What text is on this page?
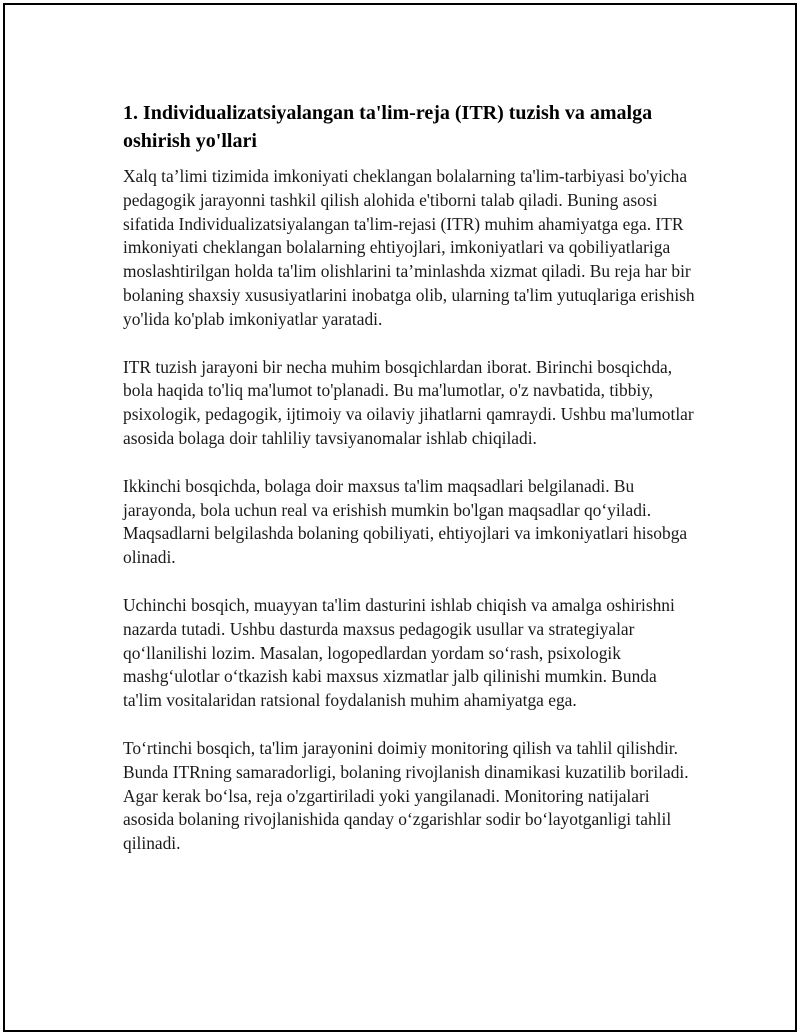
1. Individualizatsiyalangan ta'lim-reja (ITR) tuzish va amalga oshirish yo'llari

Xalq ta’limi tizimida imkoniyati cheklangan bolalarning ta'lim-tarbiyasi bo'yicha pedagogik jarayonni tashkil qilish alohida e'tiborni talab qiladi. Buning asosi sifatida Individualizatsiyalangan ta'lim-rejasi (ITR) muhim ahamiyatga ega. ITR imkoniyati cheklangan bolalarning ehtiyojlari, imkoniyatlari va qobiliyatlariga moslashtirilgan holda ta'lim olishlarini ta’minlashda xizmat qiladi. Bu reja har bir bolaning shaxsiy xususiyatlarini inobatga olib, ularning ta'lim yutuqlariga erishish yo'lida ko'plab imkoniyatlar yaratadi.

ITR tuzish jarayoni bir necha muhim bosqichlardan iborat. Birinchi bosqichda, bola haqida to'liq ma'lumot to'planadi. Bu ma'lumotlar, o'z navbatida, tibbiy, psixologik, pedagogik, ijtimoiy va oilaviy jihatlarni qamraydi. Ushbu ma'lumotlar asosida bolaga doir tahliliy tavsiyanomalar ishlab chiqiladi.

Ikkinchi bosqichda, bolaga doir maxsus ta'lim maqsadlari belgilanadi. Bu jarayonda, bola uchun real va erishish mumkin bo'lgan maqsadlar qo‘yiladi. Maqsadlarni belgilashda bolaning qobiliyati, ehtiyojlari va imkoniyatlari hisobga olinadi.

Uchinchi bosqich, muayyan ta'lim dasturini ishlab chiqish va amalga oshirishni nazarda tutadi. Ushbu dasturda maxsus pedagogik usullar va strategiyalar qo‘llanilishi lozim. Masalan, logopedlardan yordam so‘rash, psixologik mashg‘ulotlar o‘tkazish kabi maxsus xizmatlar jalb qilinishi mumkin. Bunda ta'lim vositalaridan ratsional foydalanish muhim ahamiyatga ega.

To‘rtinchi bosqich, ta'lim jarayonini doimiy monitoring qilish va tahlil qilishdir. Bunda ITRning samaradorligi, bolaning rivojlanish dinamikasi kuzatilib boriladi. Agar kerak bo‘lsa, reja o'zgartiriladi yoki yangilanadi. Monitoring natijalari asosida bolaning rivojlanishida qanday o‘zgarishlar sodir bo‘layotganligi tahlil qilinadi.
